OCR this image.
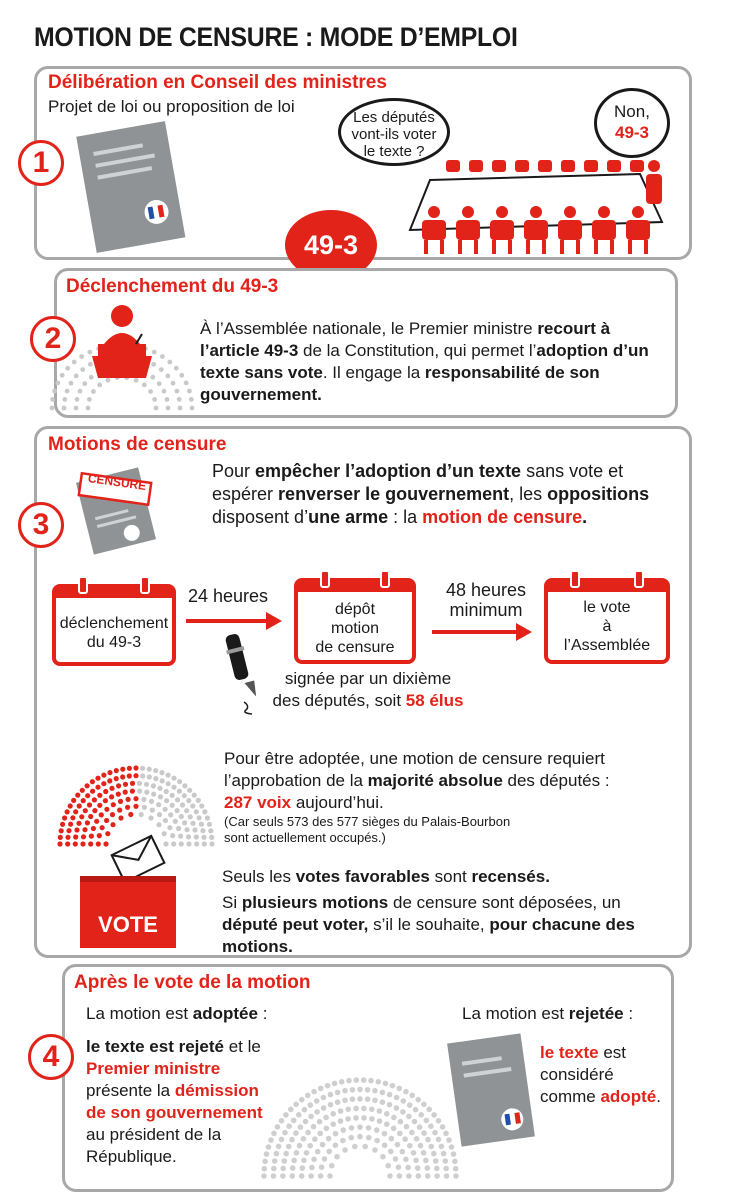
MOTION DE CENSURE : MODE D’EMPLOI
Délibération en Conseil des ministres
Projet de loi ou proposition de loi
1
Les députés
vont-ils voter
le texte ?
Non,
49-3
49-3
Déclenchement du 49-3
2	À l’Assemblée nationale, le Premier ministre recourt à l’article 49-3 de la Constitution, qui permet l’adoption d’un texte sans vote. Il engage la responsabilité de son gouvernement.
Motions de censure
3
CENSURE
Pour empêcher l’adoption d’un texte sans vote et espérer renverser le gouvernement, les oppositions disposent d’une arme : la motion de censure.
déclenchement
du 49-3
24 heures
dépôt
motion
de censure
48 heures
minimum	le vote
à
l’Assemblée
signée par un dixième
des députés, soit 58 élus
Pour être adoptée, une motion de censure requiert
l’approbation de la majorité absolue des députés :
287 voix aujourd’hui.
(Car seuls 573 des 577 sièges du Palais-Bourbon
sont actuellement occupés.)
VOTE
Seuls les votes favorables sont recensés.
Si plusieurs motions de censure sont déposées, un député peut voter, s’il le souhaite, pour chacune des motions.
Après le vote de la motion
4
La motion est adoptée :
le texte est rejeté et le Premier ministre présente la démission de son gouvernement au président de la République.
La motion est rejetée :
le texte est considéré comme adopté.
